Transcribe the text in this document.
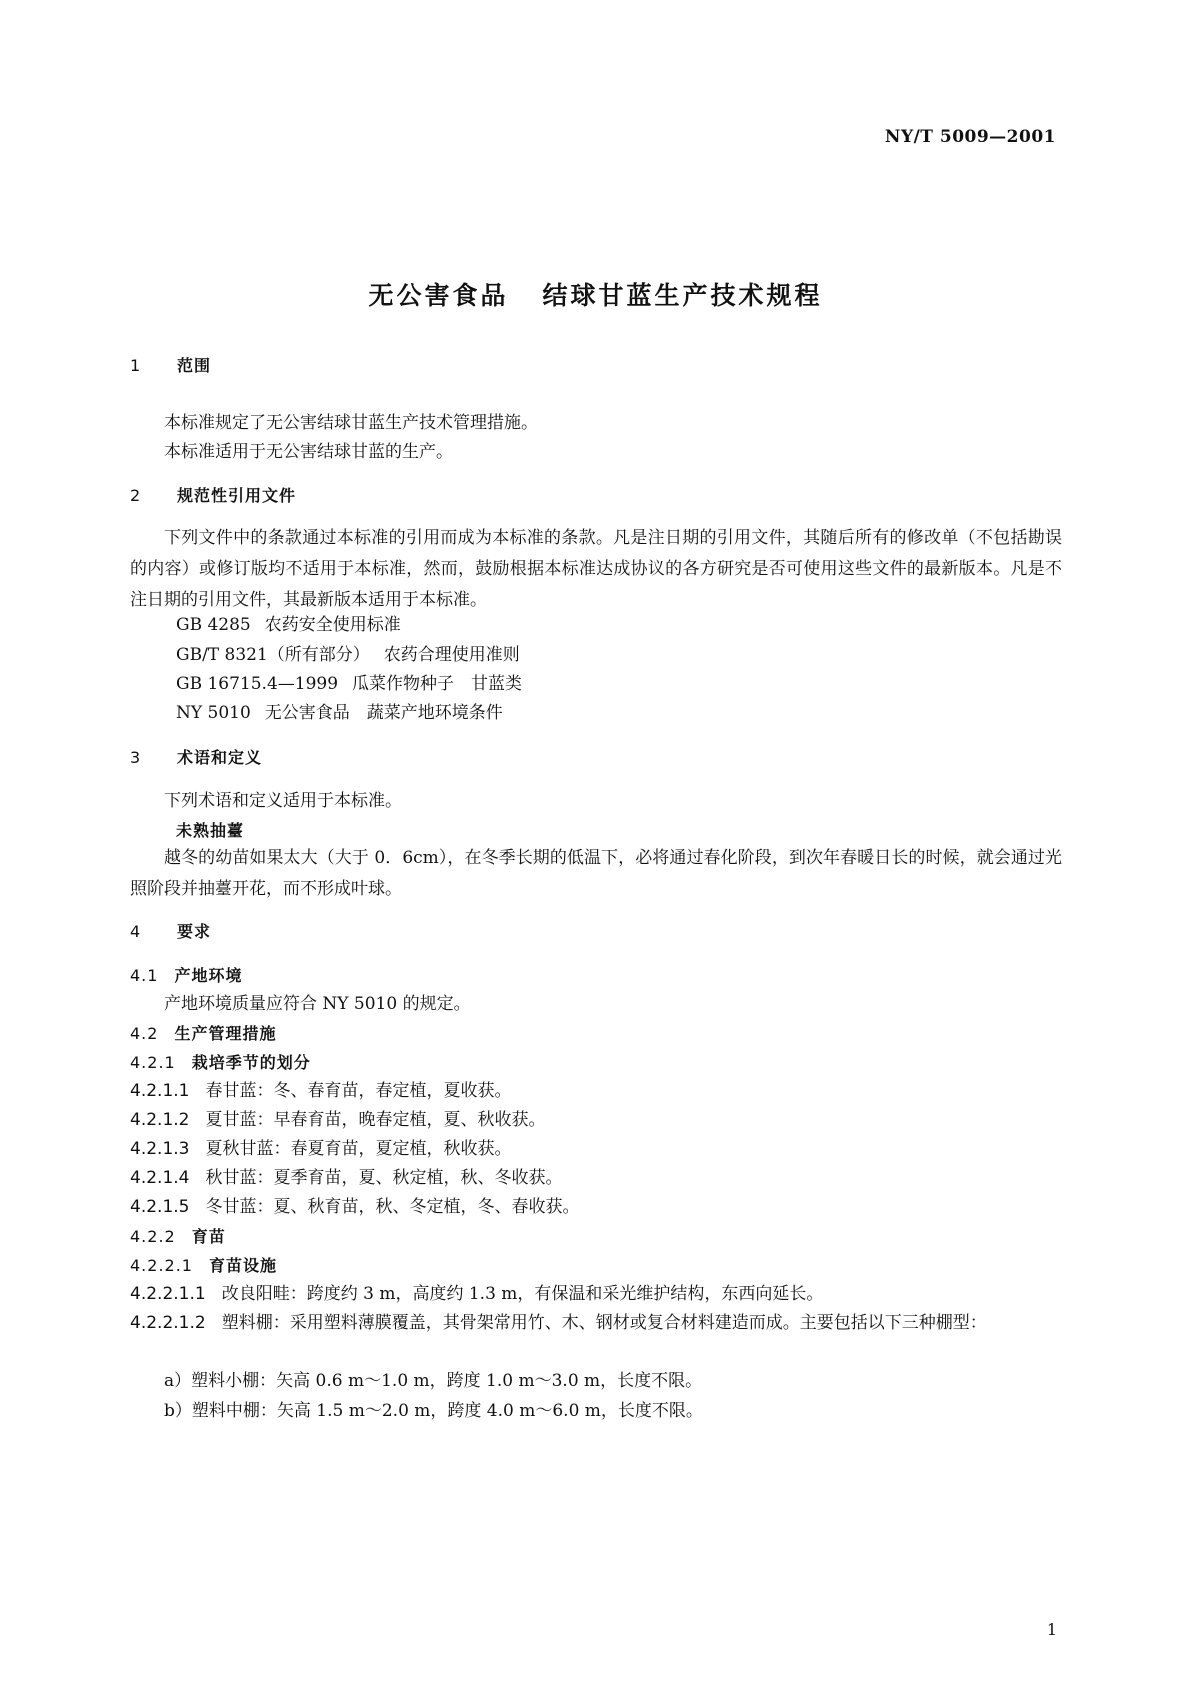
NY/T 5009—2001
无公害食品 结球甘蓝生产技术规程
1 范围
本标准规定了无公害结球甘蓝生产技术管理措施。
本标准适用于无公害结球甘蓝的生产。
2 规范性引用文件
下列文件中的条款通过本标准的引用而成为本标准的条款。凡是注日期的引用文件，其随后所有的修改单（不包括勘误的内容）或修订版均不适用于本标准，然而，鼓励根据本标准达成协议的各方研究是否可使用这些文件的最新版本。凡是不注日期的引用文件，其最新版本适用于本标准。
GB 4285 农药安全使用标准
GB/T 8321（所有部分） 农药合理使用准则
GB 16715.4—1999 瓜菜作物种子　甘蓝类
NY 5010 无公害食品　蔬菜产地环境条件
3 术语和定义
下列术语和定义适用于本标准。
未熟抽薹
越冬的幼苗如果太大（大于 0．6cm），在冬季长期的低温下，必将通过春化阶段，到次年春暖日长的时候，就会通过光照阶段并抽薹开花，而不形成叶球。
4 要求
4.1 产地环境
产地环境质量应符合 NY 5010 的规定。
4.2 生产管理措施
4.2.1 栽培季节的划分
4.2.1.1 春甘蓝：冬、春育苗，春定植，夏收获。
4.2.1.2 夏甘蓝：早春育苗，晚春定植，夏、秋收获。
4.2.1.3 夏秋甘蓝：春夏育苗，夏定植，秋收获。
4.2.1.4 秋甘蓝：夏季育苗，夏、秋定植，秋、冬收获。
4.2.1.5 冬甘蓝：夏、秋育苗，秋、冬定植，冬、春收获。
4.2.2 育苗
4.2.2.1 育苗设施
4.2.2.1.1 改良阳畦：跨度约 3 m，高度约 1.3 m，有保温和采光维护结构，东西向延长。
4.2.2.1.2 塑料棚：采用塑料薄膜覆盖，其骨架常用竹、木、钢材或复合材料建造而成。主要包括以下三种棚型：
a）塑料小棚：矢高 0.6 m～1.0 m，跨度 1.0 m～3.0 m，长度不限。
b）塑料中棚：矢高 1.5 m～2.0 m，跨度 4.0 m～6.0 m，长度不限。
1
